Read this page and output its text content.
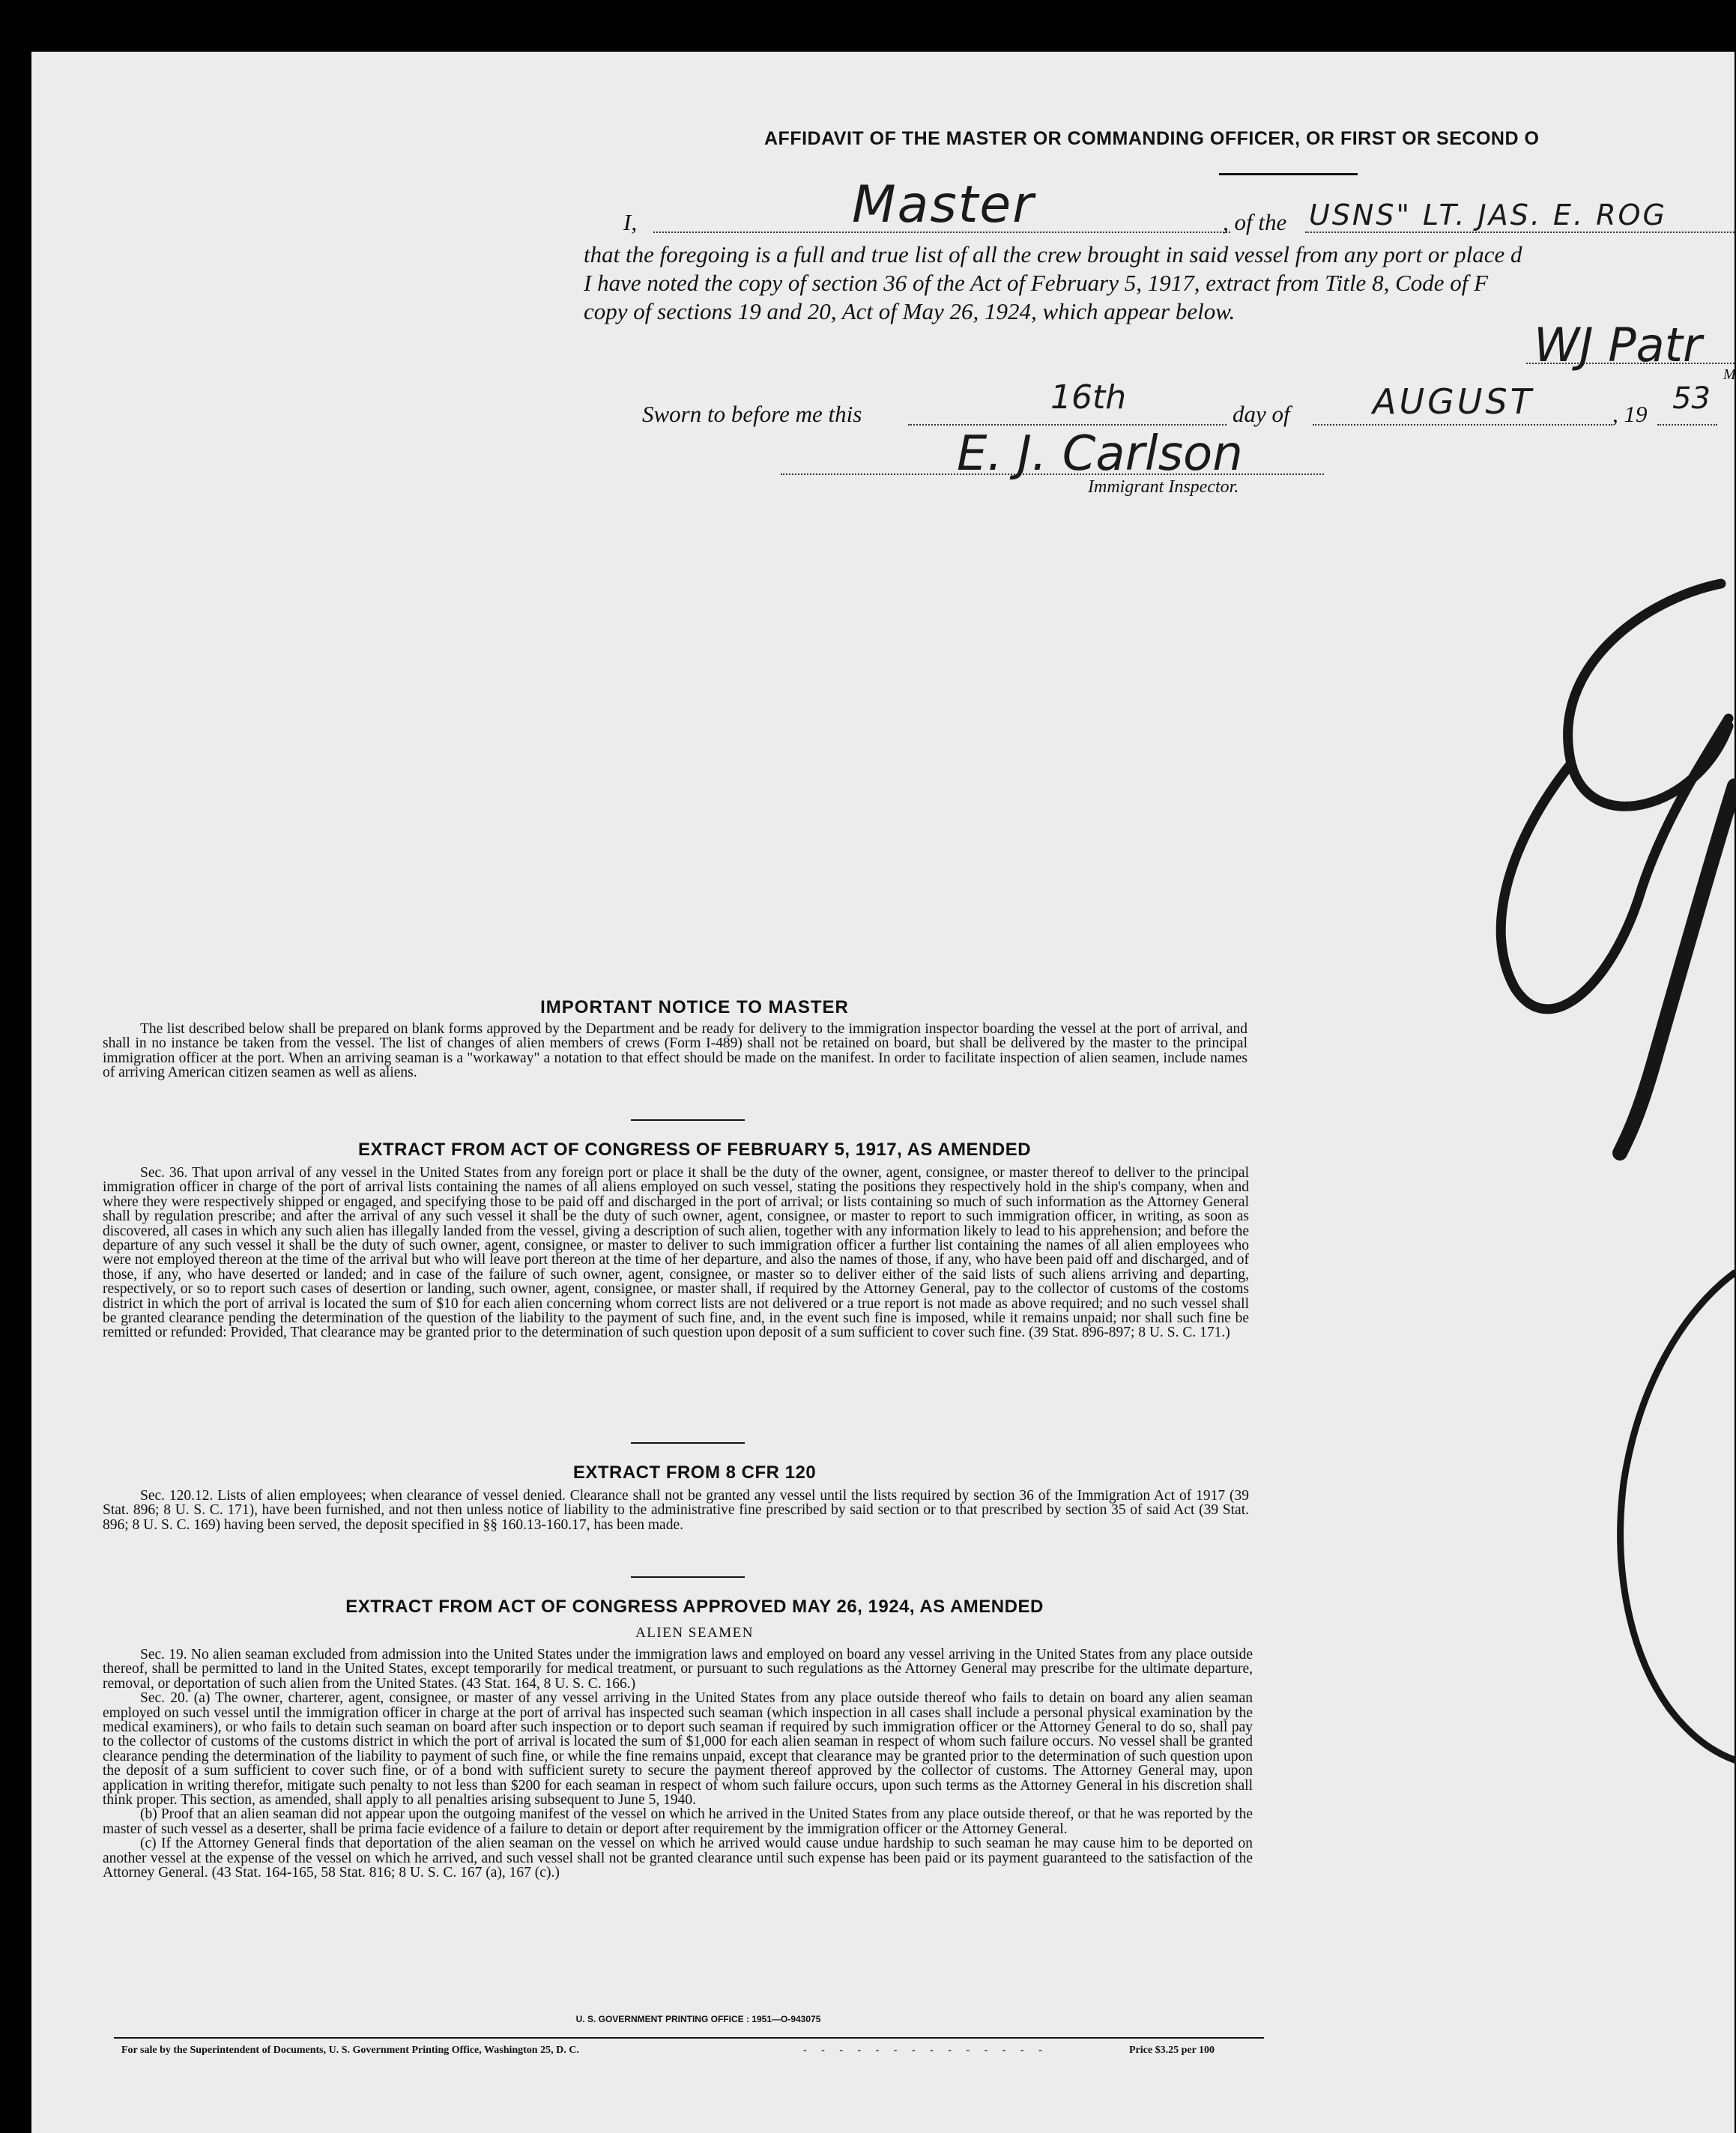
AFFIDAVIT OF THE MASTER OR COMMANDING OFFICER, OR FIRST OR SECOND O
I,	Master	, of the USNS" LT. JAS. E. ROG
that the foregoing is a full and true list of all the crew brought in said vessel from any port or place d
I have noted the copy of section 36 of the Act of February 5, 1917, extract from Title 8, Code of F
copy of sections 19 and 20, Act of May 26, 1924, which appear below.
WJ Patr
M
Sworn to before me this	16th	day of AUGUST	, 19 53
E. J. Carlson
Immigrant Inspector.
IMPORTANT NOTICE TO MASTER

The list described below shall be prepared on blank forms approved by the Department and be ready for delivery to the immigration inspector boarding the vessel at the port of arrival, and shall in no instance be taken from the vessel. The list of changes of alien members of crews (Form I-489) shall not be retained on board, but shall be delivered by the master to the principal immigration officer at the port. When an arriving seaman is a "workaway" a notation to that effect should be made on the manifest. In order to facilitate inspection of alien seamen, include names of arriving American citizen seamen as well as aliens.

EXTRACT FROM ACT OF CONGRESS OF FEBRUARY 5, 1917, AS AMENDED

Sec. 36. That upon arrival of any vessel in the United States from any foreign port or place it shall be the duty of the owner, agent, consignee, or master thereof to deliver to the principal immigration officer in charge of the port of arrival lists containing the names of all aliens employed on such vessel, stating the positions they respectively hold in the ship's company, when and where they were respectively shipped or engaged, and specifying those to be paid off and discharged in the port of arrival; or lists containing so much of such information as the Attorney General shall by regulation prescribe; and after the arrival of any such vessel it shall be the duty of such owner, agent, consignee, or master to report to such immigration officer, in writing, as soon as discovered, all cases in which any such alien has illegally landed from the vessel, giving a description of such alien, together with any information likely to lead to his apprehension; and before the departure of any such vessel it shall be the duty of such owner, agent, consignee, or master to deliver to such immigration officer a further list containing the names of all alien employees who were not employed thereon at the time of the arrival but who will leave port thereon at the time of her departure, and also the names of those, if any, who have been paid off and discharged, and of those, if any, who have deserted or landed; and in case of the failure of such owner, agent, consignee, or master so to deliver either of the said lists of such aliens arriving and departing, respectively, or so to report such cases of desertion or landing, such owner, agent, consignee, or master shall, if required by the Attorney General, pay to the collector of customs of the costoms district in which the port of arrival is located the sum of $10 for each alien concerning whom correct lists are not delivered or a true report is not made as above required; and no such vessel shall be granted clearance pending the determination of the question of the liability to the payment of such fine, and, in the event such fine is imposed, while it remains unpaid; nor shall such fine be remitted or refunded: Provided, That clearance may be granted prior to the determination of such question upon deposit of a sum sufficient to cover such fine. (39 Stat. 896-897; 8 U. S. C. 171.)

EXTRACT FROM 8 CFR 120

Sec. 120.12. Lists of alien employees; when clearance of vessel denied. Clearance shall not be granted any vessel until the lists required by section 36 of the Immigration Act of 1917 (39 Stat. 896; 8 U. S. C. 171), have been furnished, and not then unless notice of liability to the administrative fine prescribed by said section or to that prescribed by section 35 of said Act (39 Stat. 896; 8 U. S. C. 169) having been served, the deposit specified in §§ 160.13-160.17, has been made.

EXTRACT FROM ACT OF CONGRESS APPROVED MAY 26, 1924, AS AMENDED
ALIEN SEAMEN

Sec. 19. No alien seaman excluded from admission into the United States under the immigration laws and employed on board any vessel arriving in the United States from any place outside thereof, shall be permitted to land in the United States, except temporarily for medical treatment, or pursuant to such regulations as the Attorney General may prescribe for the ultimate departure, removal, or deportation of such alien from the United States. (43 Stat. 164, 8 U. S. C. 166.)

Sec. 20. (a) The owner, charterer, agent, consignee, or master of any vessel arriving in the United States from any place outside thereof who fails to detain on board any alien seaman employed on such vessel until the immigration officer in charge at the port of arrival has inspected such seaman (which inspection in all cases shall include a personal physical examination by the medical examiners), or who fails to detain such seaman on board after such inspection or to deport such seaman if required by such immigration officer or the Attorney General to do so, shall pay to the collector of customs of the customs district in which the port of arrival is located the sum of $1,000 for each alien seaman in respect of whom such failure occurs. No vessel shall be granted clearance pending the determination of the liability to payment of such fine, or while the fine remains unpaid, except that clearance may be granted prior to the determination of such question upon the deposit of a sum sufficient to cover such fine, or of a bond with sufficient surety to secure the payment thereof approved by the collector of customs. The Attorney General may, upon application in writing therefor, mitigate such penalty to not less than $200 for each seaman in respect of whom such failure occurs, upon such terms as the Attorney General in his discretion shall think proper. This section, as amended, shall apply to all penalties arising subsequent to June 5, 1940.

(b) Proof that an alien seaman did not appear upon the outgoing manifest of the vessel on which he arrived in the United States from any place outside thereof, or that he was reported by the master of such vessel as a deserter, shall be prima facie evidence of a failure to detain or deport after requirement by the immigration officer or the Attorney General.

(c) If the Attorney General finds that deportation of the alien seaman on the vessel on which he arrived would cause undue hardship to such seaman he may cause him to be deported on another vessel at the expense of the vessel on which he arrived, and such vessel shall not be granted clearance until such expense has been paid or its payment guaranteed to the satisfaction of the Attorney General. (43 Stat. 164-165, 58 Stat. 816; 8 U. S. C. 167 (a), 167 (c).)

U. S. GOVERNMENT PRINTING OFFICE : 1951—O-943075
For sale by the Superintendent of Documents, U. S. Government Printing Office, Washington 25, D. C.	- - - - - - - - - - - - - -	Price $3.25 per 100
